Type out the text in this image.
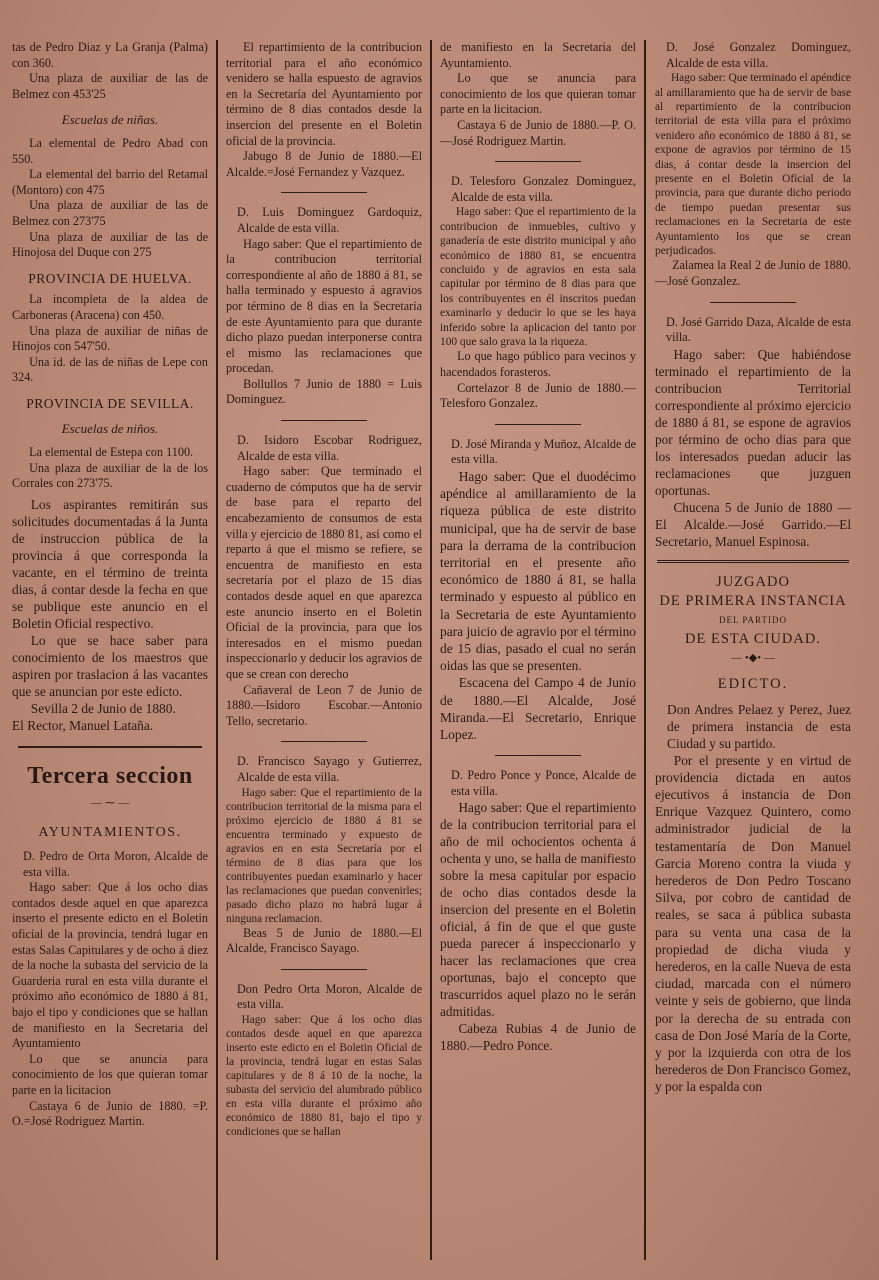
tas de Pedro Diaz y La Granja (Palma) con 360.

Una plaza de auxiliar de las de Belmez con 453'25

Escuelas de niñas.

La elemental de Pedro Abad con 550.

La elemental del barrio del Retamal (Montoro) con 475

Una plaza de auxiliar de las de Belmez con 273'75

Una plaza de auxiliar de las de Hinojosa del Duque con 275

PROVINCIA DE HUELVA.

La incompleta de la aldea de Carboneras (Aracena) con 450.

Una plaza de auxiliar de niñas de Hinojos con 547'50.

Una id. de las de niñas de Lepe con 324.

PROVINCIA DE SEVILLA.

Escuelas de niños.

La elemental de Estepa con 1100.

Una plaza de auxiliar de la de los Corrales con 273'75.

Los aspirantes remitirán sus solicitudes documentadas á la Junta de instruccion pública de la provincia á que corresponda la vacante, en el término de treinta dias, á contar desde la fecha en que se publique este anuncio en el Boletin Oficial respectivo.

Lo que se hace saber para conocimiento de los maestros que aspiren por traslacion á las vacantes que se anuncian por este edicto.

Sevilla 2 de Junio de 1880.

El Rector, Manuel Lataña.

Tercera seccion

— ⁓ —

AYUNTAMIENTOS.

D. Pedro de Orta Moron, Alcalde de esta villa.

Hago saber: Que á los ocho dias contados desde aquel en que aparezca inserto el presente edicto en el Boletin oficial de la provincia, tendrá lugar en estas Salas Capitulares y de ocho á diez de la noche la subasta del servicio de la Guarderia rural en esta villa durante el próximo año económico de 1880 á 81, bajo el tipo y condiciones que se hallan de manifiesto en la Secretaria del Ayuntamiento

Lo que se anuncia para conocimiento de los que quieran tomar parte en la licitacion

Castaya 6 de Junio de 1880. =P. O.=José Rodriguez Martin.

El repartimiento de la contribucion territorial para el año económico venidero se halla espuesto de agravios en la Secretaría del Ayuntamiento por término de 8 dias contados desde la insercion del presente en el Boletin oficial de la provincia.

Jabugo 8 de Junio de 1880.—El Alcalde.=José Fernandez y Vazquez.

D. Luis Dominguez Gardoquiz, Alcalde de esta villa.

Hago saber: Que el repartimiento de la contribucion territorial correspondiente al año de 1880 á 81, se halla terminado y espuesto á agravios por término de 8 dias en la Secretaría de este Ayuntamiento para que durante dicho plazo puedan interponerse contra el mismo las reclamaciones que procedan.

Bollullos 7 Junio de 1880 = Luis Dominguez.

D. Isidoro Escobar Rodriguez, Alcalde de esta villa.

Hago saber: Que terminado el cuaderno de cómputos que ha de servir de base para el reparto del encabezamiento de consumos de esta villa y ejercicio de 1880 81, así como el reparto á que el mismo se refiere, se encuentra de manifiesto en esta secretaría por el plazo de 15 dias contados desde aquel en que aparezca este anuncio inserto en el Boletin Oficial de la provincia, para que los interesados en el mismo puedan inspeccionarlo y deducir los agravios de que se crean con derecho

Cañaveral de Leon 7 de Junio de 1880.—Isidoro Escobar.—Antonio Tello, secretario.

D. Francisco Sayago y Gutierrez, Alcalde de esta villa.

Hago saber: Que el repartimiento de la contribucion territorial de la misma para el próximo ejercicio de 1880 á 81 se encuentra terminado y expuesto de agravios en en esta Secretaría por el término de 8 dias para que los contribuyentes puedan examinarlo y hacer las reclamaciones que puedan convenirles; pasado dicho plazo no habrá lugar á ninguna reclamacion.

Beas 5 de Junio de 1880.—El Alcalde, Francisco Sayago.

Don Pedro Orta Moron, Alcalde de esta villa.

Hago saber: Que á los ocho dias contados desde aquel en que aparezca inserto este edicto en el Boletin Oficial de la provincia, tendrá lugar en estas Salas capitulares y de 8 á 10 de la noche, la subasta del servicio del alumbrado público en esta villa durante el próximo año económico de 1880 81, bajo el tipo y condiciones que se hallan

de manifiesto en la Secretaria del Ayuntamiento.

Lo que se anuncia para conocimiento de los que quieran tomar parte en la licitacion.

Castaya 6 de Junio de 1880.—P. O.—José Rodriguez Martin.

D. Telesforo Gonzalez Dominguez, Alcalde de esta villa.

Hago saber: Que el repartimiento de la contribucion de inmuebles, cultivo y ganadería de este distrito municipal y año económico de 1880 81, se encuentra concluido y de agravios en esta sala capitular por término de 8 dias para que los contribuyentes en él inscritos puedan examinarlo y deducir lo que se les haya inferido sobre la aplicacion del tanto por 100 que salo grava la la riqueza.

Lo que hago público para vecinos y hacendados forasteros.

Cortelazor 8 de Junio de 1880.—Telesforo Gonzalez.

D. José Miranda y Muñoz, Alcalde de esta villa.

Hago saber: Que el duodécimo apéndice al amillaramiento de la riqueza pública de este distrito municipal, que ha de servir de base para la derrama de la contribucion territorial en el presente año económico de 1880 á 81, se halla terminado y espuesto al público en la Secretaria de este Ayuntamiento para juicio de agravio por el término de 15 dias, pasado el cual no serán oidas las que se presenten.

Escacena del Campo 4 de Junio de 1880.—El Alcalde, José Miranda.—El Secretario, Enrique Lopez.

D. Pedro Ponce y Ponce, Alcalde de esta villa.

Hago saber: Que el repartimiento de la contribucion territorial para el año de mil ochocientos ochenta á ochenta y uno, se halla de manifiesto sobre la mesa capitular por espacio de ocho dias contados desde la insercion del presente en el Boletin oficial, á fin de que el que guste pueda parecer á inspeccionarlo y hacer las reclamaciones que crea oportunas, bajo el concepto que trascurridos aquel plazo no le serán admitidas.

Cabeza Rubias 4 de Junio de 1880.—Pedro Ponce.

D. José Gonzalez Dominguez, Alcalde de esta villa.

Hago saber: Que terminado el apéndice al amillaramiento que ha de servir de base al repartimiento de la contribucion territorial de esta villa para el próximo venidero año económico de 1880 á 81, se expone de agravios por término de 15 dias, á contar desde la insercion del presente en el Boletin Oficial de la provincia, para que durante dicho periodo de tiempo puedan presentar sus reclamaciones en la Secretaria de este Ayuntamiento los que se crean perjudicados.

Zalamea la Real 2 de Junio de 1880.—José Gonzalez.

D. José Garrido Daza, Alcalde de esta villa.

Hago saber: Que habiéndose terminado el repartimiento de la contribucion Territorial correspondiente al próximo ejercicio de 1880 á 81, se espone de agravios por término de ocho dias para que los interesados puedan aducir las reclamaciones que juzguen oportunas.

Chucena 5 de Junio de 1880 — El Alcalde.—José Garrido.—El Secretario, Manuel Espinosa.

JUZGADO

DE PRIMERA INSTANCIA

DEL PARTIDO

DE ESTA CIUDAD.

— •◆• —

EDICTO.

Don Andres Pelaez y Perez, Juez de primera instancia de esta Ciudad y su partido.

Por el presente y en virtud de providencia dictada en autos ejecutivos á instancia de Don Enrique Vazquez Quintero, como administrador judicial de la testamentaría de Don Manuel Garcia Moreno contra la viuda y herederos de Don Pedro Toscano Silva, por cobro de cantidad de reales, se saca á pública subasta para su venta una casa de la propiedad de dicha viuda y herederos, en la calle Nueva de esta ciudad, marcada con el número veinte y seis de gobierno, que linda por la derecha de su entrada con casa de Don José María de la Corte, y por la izquierda con otra de los herederos de Don Francisco Gomez, y por la espalda con
